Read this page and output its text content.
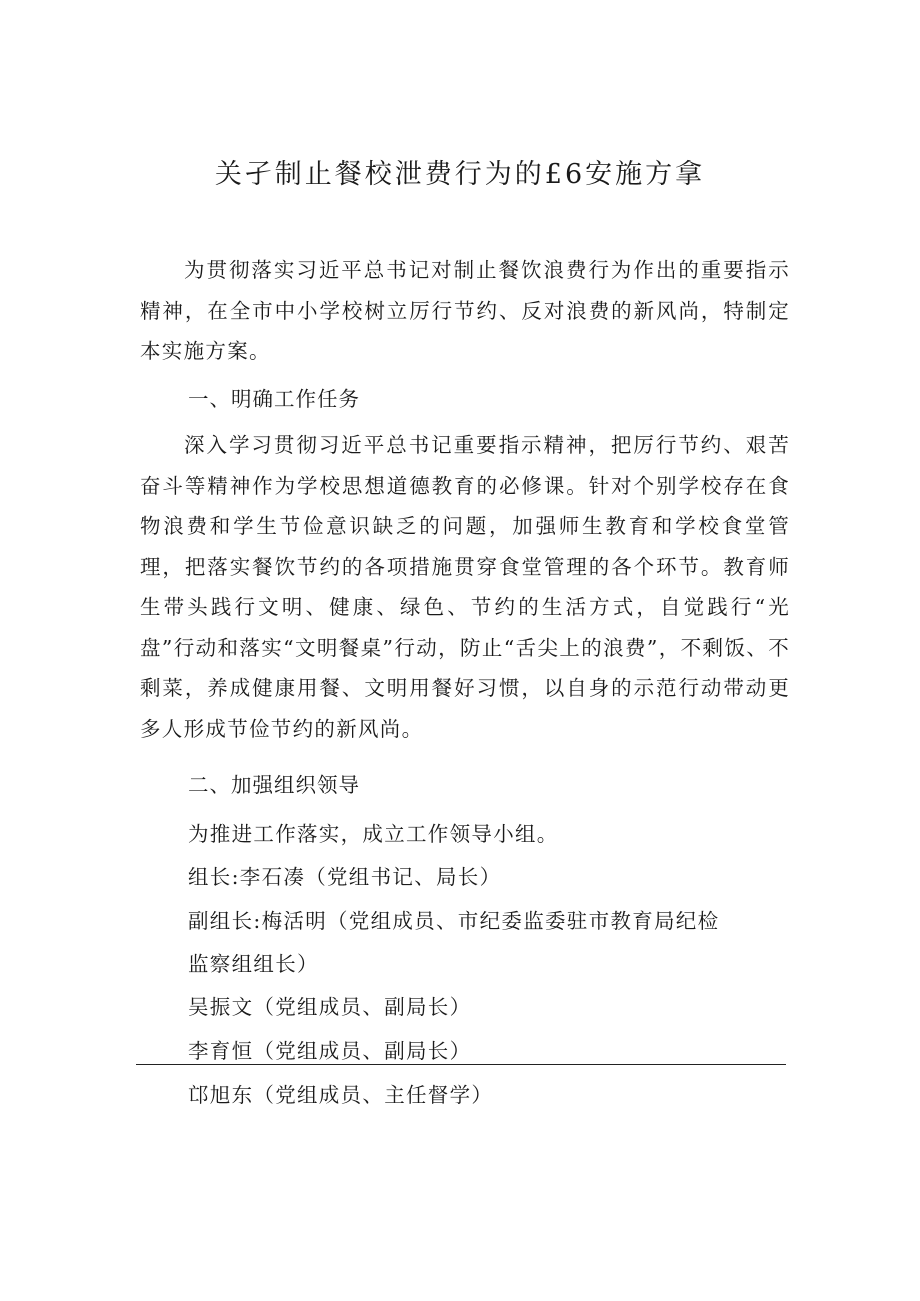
关孑制止餐校泄费行为的£6安施方拿

为贯彻落实习近平总书记对制止餐饮浪费行为作出的重要指示精神，在全市中小学校树立厉行节约、反对浪费的新风尚，特制定本实施方案。

一、明确工作任务

深入学习贯彻习近平总书记重要指示精神，把厉行节约、艰苦奋斗等精神作为学校思想道德教育的必修课。针对个别学校存在食物浪费和学生节俭意识缺乏的问题，加强师生教育和学校食堂管理，把落实餐饮节约的各项措施贯穿食堂管理的各个环节。教育师生带头践行文明、健康、绿色、节约的生活方式，自觉践行“光盘”行动和落实“文明餐桌”行动，防止“舌尖上的浪费”，不剩饭、不剩菜，养成健康用餐、文明用餐好习惯，以自身的示范行动带动更多人形成节俭节约的新风尚。

二、加强组织领导

为推进工作落实，成立工作领导小组。

组长:李石凑（党组书记、局长）

副组长:梅活明（党组成员、市纪委监委驻市教育局纪检

监察组组长）

吴振文（党组成员、副局长）

李育恒（党组成员、副局长）

邙旭东（党组成员、主任督学）
